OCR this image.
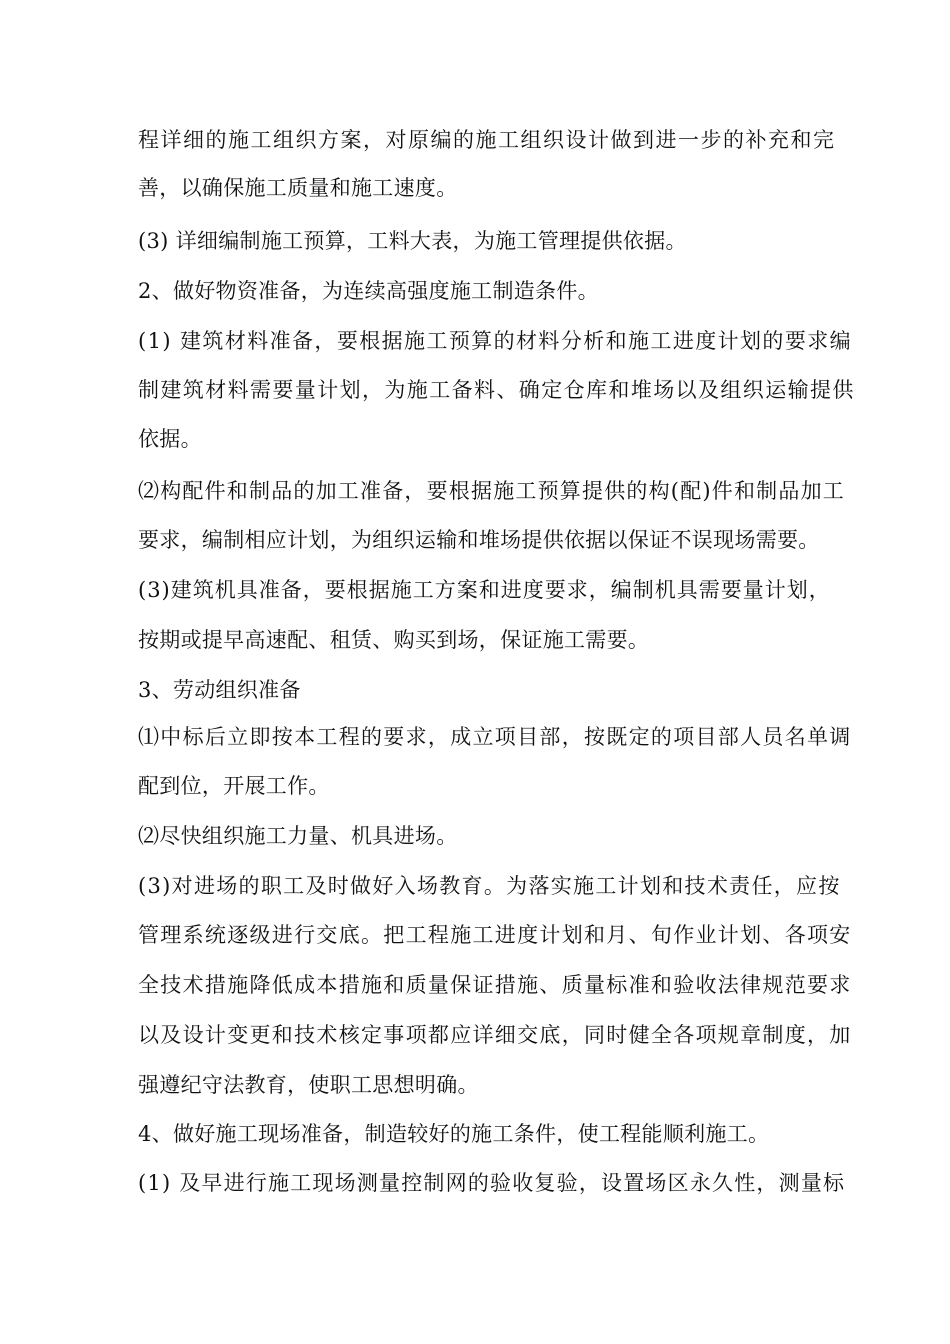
程详细的施工组织方案，对原编的施工组织设计做到进一步的补充和完
善，以确保施工质量和施工速度。
(3) 详细编制施工预算，工料大表，为施工管理提供依据。
2、做好物资准备，为连续高强度施工制造条件。
(1) 建筑材料准备，要根据施工预算的材料分析和施工进度计划的要求编
制建筑材料需要量计划，为施工备料、确定仓库和堆场以及组织运输提供
依据。
⑵构配件和制品的加工准备，要根据施工预算提供的构(配)件和制品加工
要求，编制相应计划，为组织运输和堆场提供依据以保证不误现场需要。
(3)建筑机具准备，要根据施工方案和进度要求，编制机具需要量计划，
按期或提早高速配、租赁、购买到场，保证施工需要。
3、劳动组织准备
⑴中标后立即按本工程的要求，成立项目部，按既定的项目部人员名单调
配到位，开展工作。
⑵尽快组织施工力量、机具进场。
(3)对进场的职工及时做好入场教育。为落实施工计划和技术责任，应按
管理系统逐级进行交底。把工程施工进度计划和月、旬作业计划、各项安
全技术措施降低成本措施和质量保证措施、质量标准和验收法律规范要求
以及设计变更和技术核定事项都应详细交底，同时健全各项规章制度，加
强遵纪守法教育，使职工思想明确。
4、做好施工现场准备，制造较好的施工条件，使工程能顺利施工。
(1) 及早进行施工现场测量控制网的验收复验，设置场区永久性，测量标
